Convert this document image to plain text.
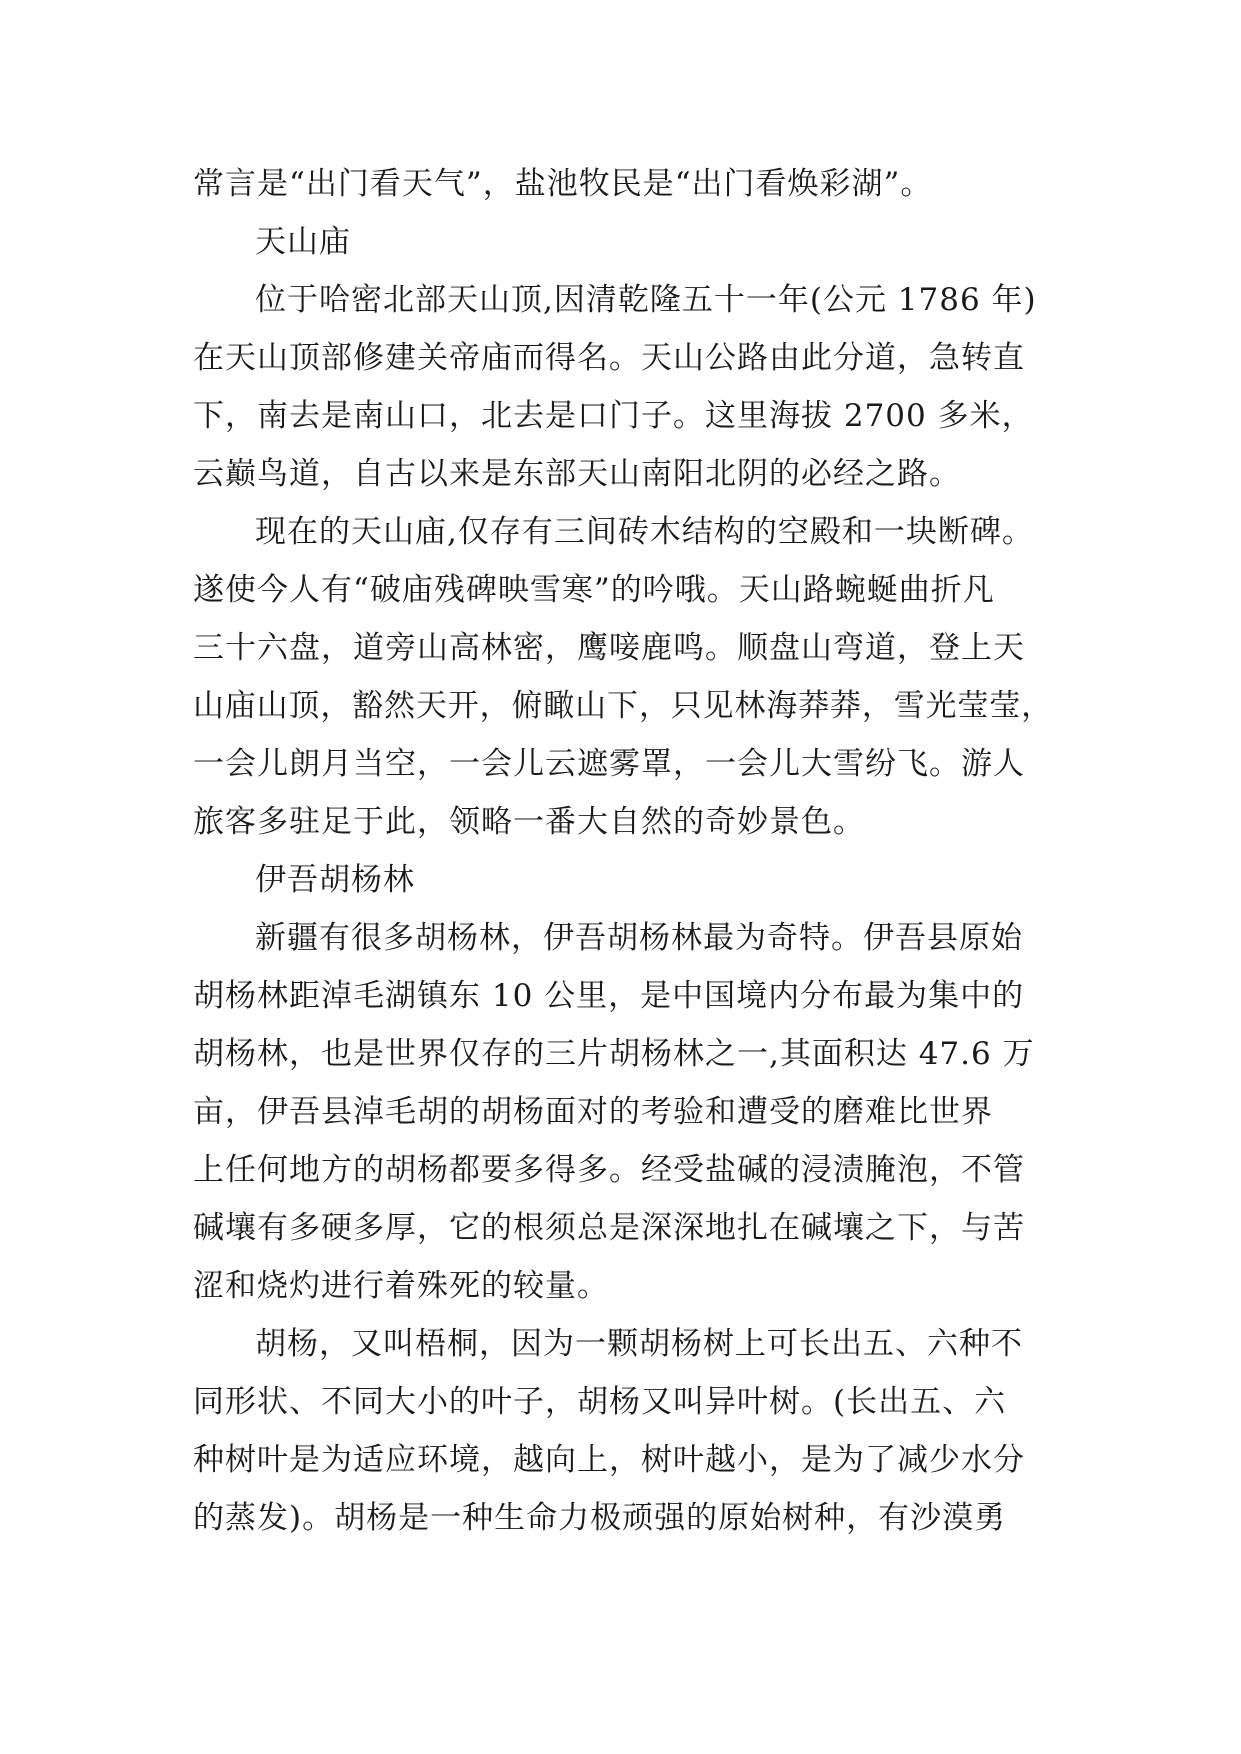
常言是“出门看天气”，盐池牧民是“出门看焕彩湖”。
天山庙
位于哈密北部天山顶,因清乾隆五十一年(公元 1786 年)
在天山顶部修建关帝庙而得名。天山公路由此分道，急转直
下，南去是南山口，北去是口门子。这里海拔 2700 多米，
云巅鸟道，自古以来是东部天山南阳北阴的必经之路。
现在的天山庙,仅存有三间砖木结构的空殿和一块断碑。
遂使今人有“破庙残碑映雪寒”的吟哦。天山路蜿蜒曲折凡
三十六盘，道旁山高林密，鹰唼鹿鸣。顺盘山弯道，登上天
山庙山顶，豁然天开，俯瞰山下，只见林海莽莽，雪光莹莹，
一会儿朗月当空，一会儿云遮雾罩，一会儿大雪纷飞。游人
旅客多驻足于此，领略一番大自然的奇妙景色。
伊吾胡杨林
新疆有很多胡杨林，伊吾胡杨林最为奇特。伊吾县原始
胡杨林距淖毛湖镇东 10 公里，是中国境内分布最为集中的
胡杨林，也是世界仅存的三片胡杨林之一,其面积达 47.6 万
亩，伊吾县淖毛胡的胡杨面对的考验和遭受的磨难比世界
上任何地方的胡杨都要多得多。经受盐碱的浸渍腌泡，不管
碱壤有多硬多厚，它的根须总是深深地扎在碱壤之下，与苦
涩和烧灼进行着殊死的较量。
胡杨，又叫梧桐，因为一颗胡杨树上可长出五、六种不
同形状、不同大小的叶子，胡杨又叫异叶树。(长出五、六
种树叶是为适应环境，越向上，树叶越小，是为了减少水分
的蒸发)。胡杨是一种生命力极顽强的原始树种，有沙漠勇
